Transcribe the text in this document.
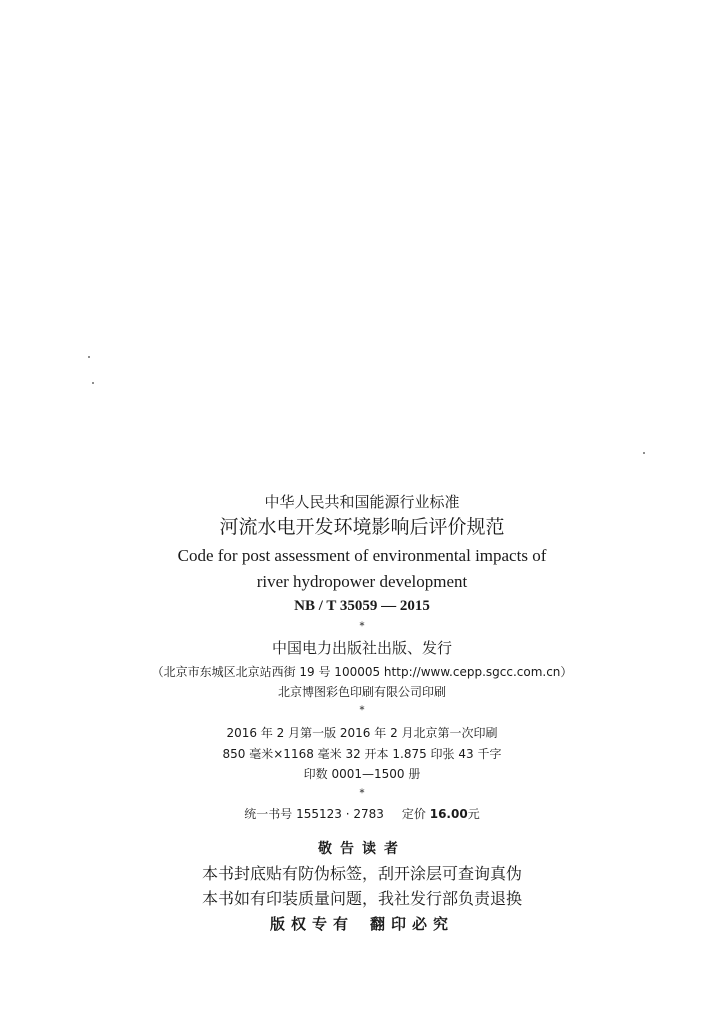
中华人民共和国能源行业标准
河流水电开发环境影响后评价规范
Code for post assessment of environmental impacts of
river hydropower development
NB / T 35059 — 2015
*
中国电力出版社出版、发行
（北京市东城区北京站西街 19 号 100005 http://www.cepp.sgcc.com.cn）
北京博图彩色印刷有限公司印刷
*
2016 年 2 月第一版 2016 年 2 月北京第一次印刷
850 毫米×1168 毫米 32 开本 1.875 印张 43 千字
印数 0001—1500 册
*
统一书号 155123 · 2783 定价 16.00元
敬告读者
本书封底贴有防伪标签，刮开涂层可查询真伪
本书如有印装质量问题，我社发行部负责退换
版权专有 翻印必究
